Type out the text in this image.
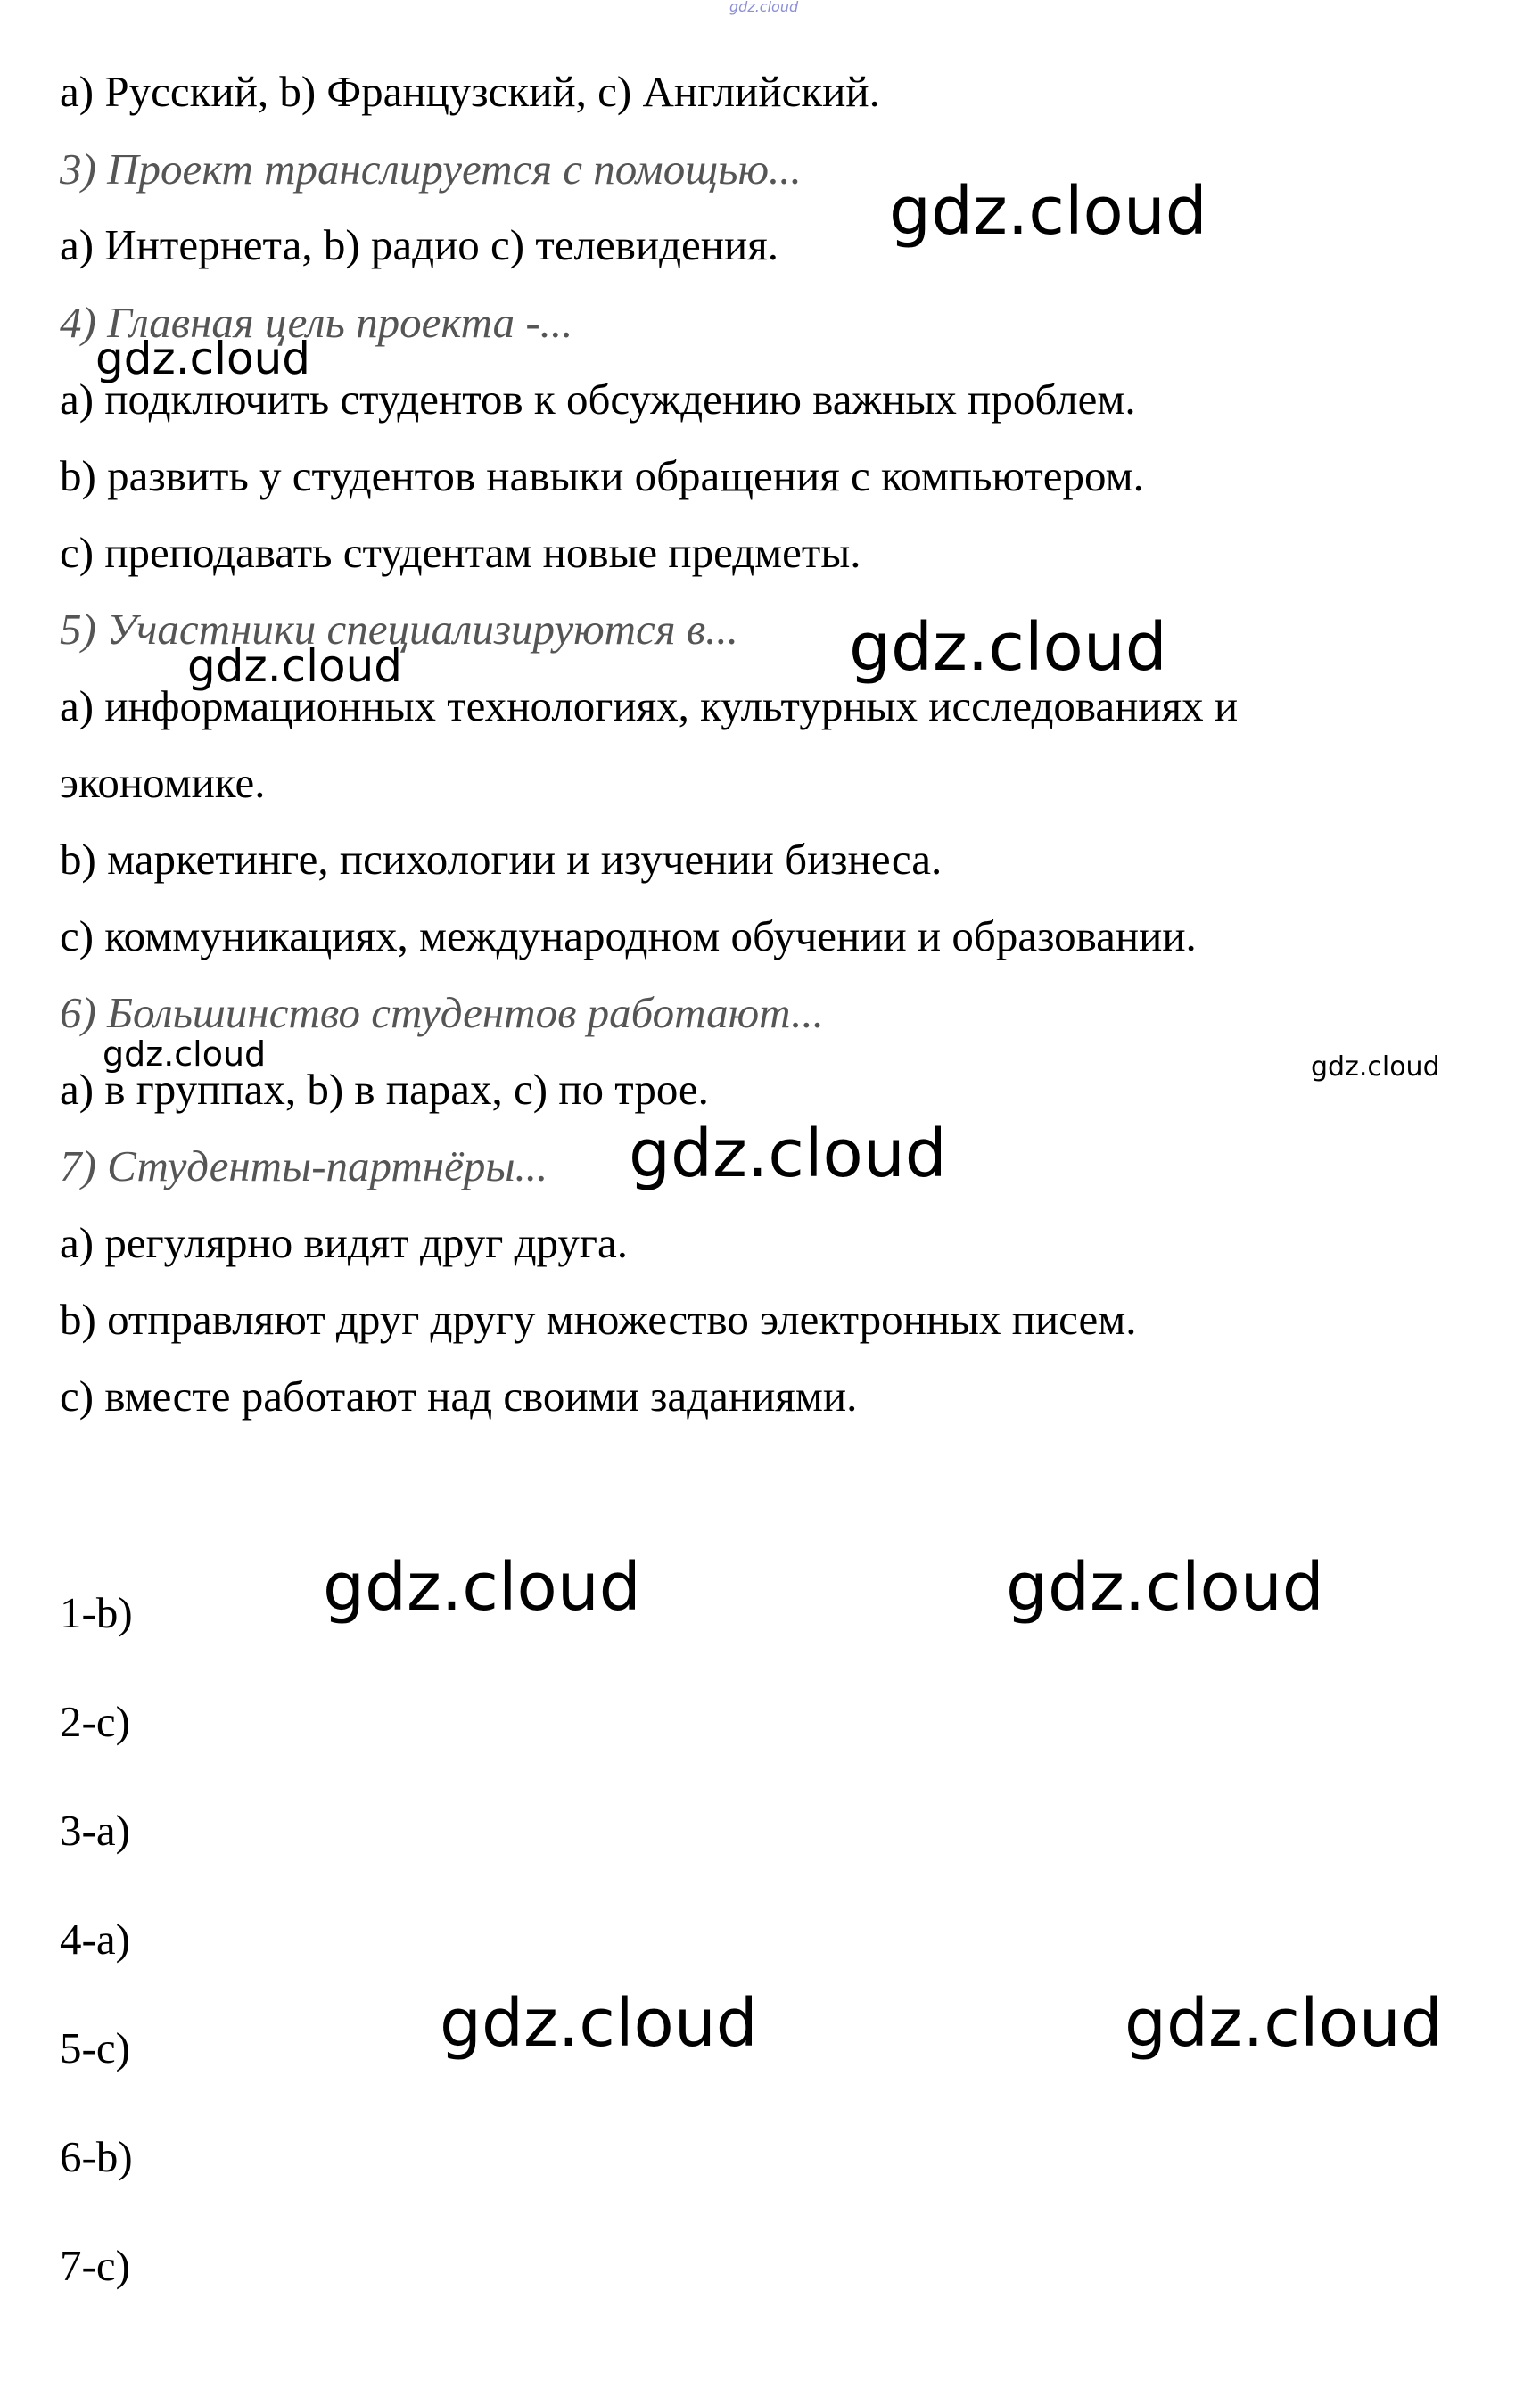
gdz.cloud
a) Русский, b) Французский, c) Английский.
3) Проект транслируется с помощью...
a) Интернета, b) радио c) телевидения.
4) Главная цель проекта -...
a) подключить студентов к обсуждению важных проблем.
b) развить у студентов навыки обращения с компьютером.
c) преподавать студентам новые предметы.
5) Участники специализируются в...
a) информационных технологиях, культурных исследованиях и
экономике.
b) маркетинге, психологии и изучении бизнеса.
c) коммуникациях, международном обучении и образовании.
6) Большинство студентов работают...
a) в группах, b) в парах, c) по трое.
7) Студенты-партнёры...
a) регулярно видят друг друга.
b) отправляют друг другу множество электронных писем.
c) вместе работают над своими заданиями.
1-b)
2-c)
3-a)
4-a)
5-c)
6-b)
7-c)
gdz.cloud
gdz.cloud
gdz.cloud
gdz.cloud
gdz.cloud	gdz.cloud
gdz.cloud
gdz.cloud	gdz.cloud
gdz.cloud	gdz.cloud
